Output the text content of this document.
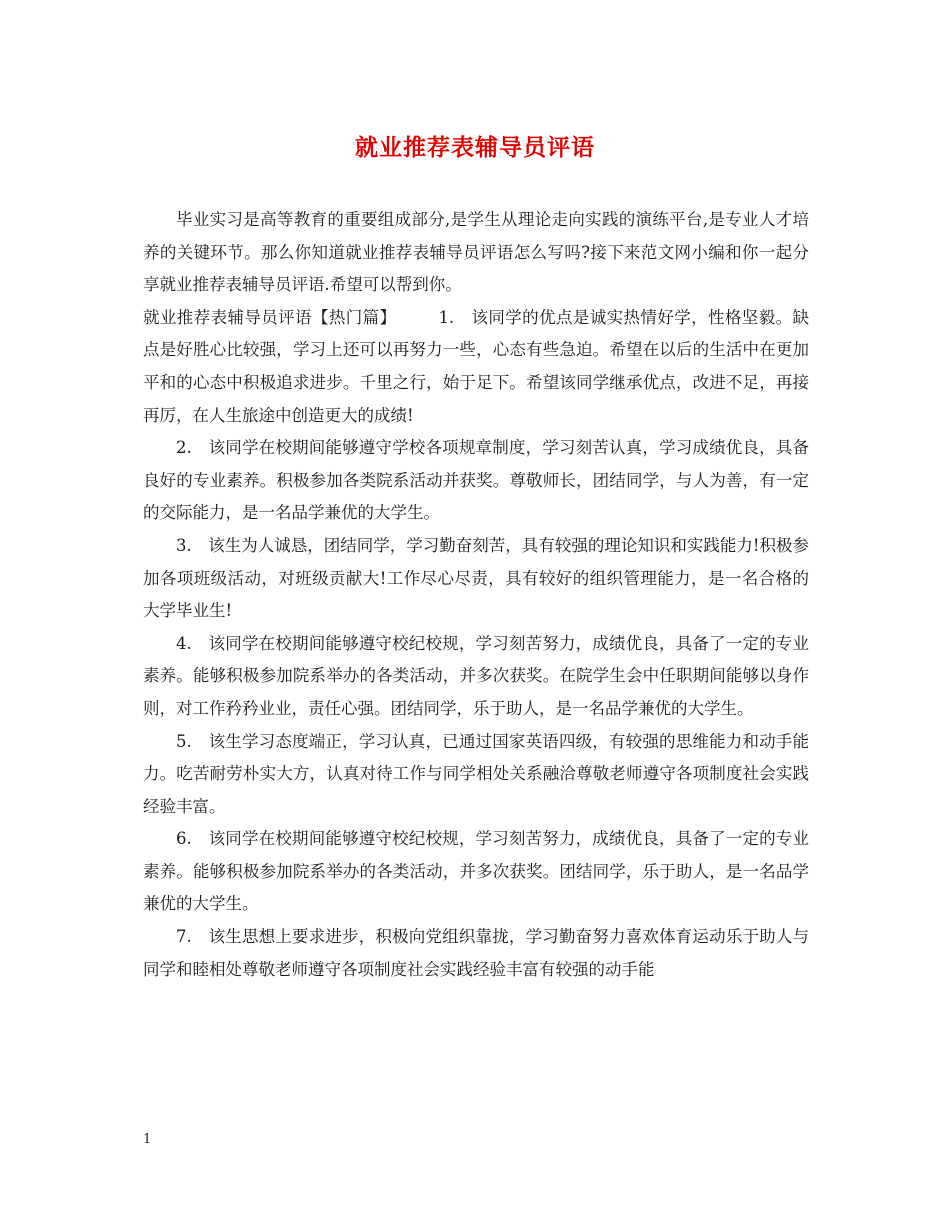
就业推荐表辅导员评语

毕业实习是高等教育的重要组成部分,是学生从理论走向实践的演练平台,是专业人才培养的关键环节。那么你知道就业推荐表辅导员评语怎么写吗?接下来范文网小编和你一起分享就业推荐表辅导员评语.希望可以帮到你。

就业推荐表辅导员评语【热门篇】	1.　该同学的优点是诚实热情好学，性格坚毅。缺点是好胜心比较强，学习上还可以再努力一些，心态有些急迫。希望在以后的生活中在更加平和的心态中积极追求进步。千里之行，始于足下。希望该同学继承优点，改进不足，再接再厉，在人生旅途中创造更大的成绩!

2.　该同学在校期间能够遵守学校各项规章制度，学习刻苦认真，学习成绩优良，具备良好的专业素养。积极参加各类院系活动并获奖。尊敬师长，团结同学，与人为善，有一定的交际能力，是一名品学兼优的大学生。

3.　该生为人诚恳，团结同学，学习勤奋刻苦，具有较强的理论知识和实践能力!积极参加各项班级活动，对班级贡献大!工作尽心尽责，具有较好的组织管理能力，是一名合格的大学毕业生!

4.　该同学在校期间能够遵守校纪校规，学习刻苦努力，成绩优良，具备了一定的专业素养。能够积极参加院系举办的各类活动，并多次获奖。在院学生会中任职期间能够以身作则，对工作矜矜业业，责任心强。团结同学，乐于助人，是一名品学兼优的大学生。

5.　该生学习态度端正，学习认真，已通过国家英语四级，有较强的思维能力和动手能力。吃苦耐劳朴实大方，认真对待工作与同学相处关系融洽尊敬老师遵守各项制度社会实践经验丰富。

6.　该同学在校期间能够遵守校纪校规，学习刻苦努力，成绩优良，具备了一定的专业素养。能够积极参加院系举办的各类活动，并多次获奖。团结同学，乐于助人，是一名品学兼优的大学生。

7.　该生思想上要求进步，积极向党组织靠拢，学习勤奋努力喜欢体育运动乐于助人与同学和睦相处尊敬老师遵守各项制度社会实践经验丰富有较强的动手能

1
